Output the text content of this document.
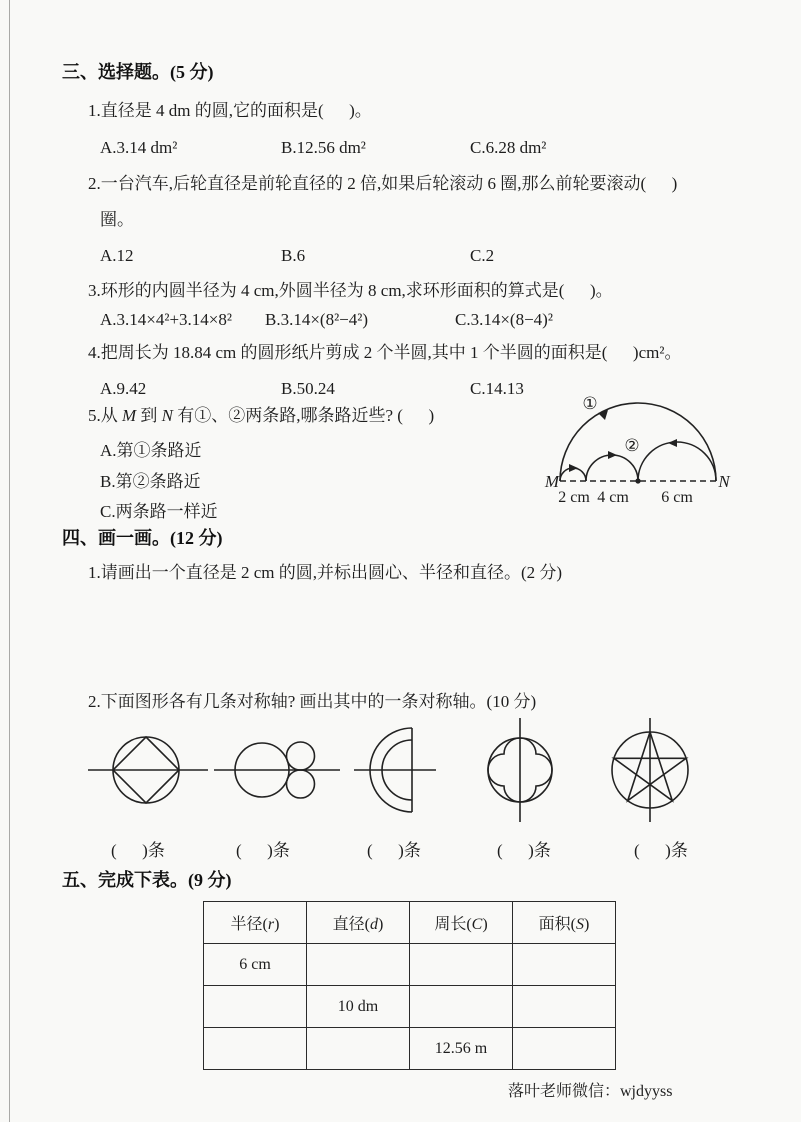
三、选择题。(5 分)
1.直径是 4 dm 的圆,它的面积是(      )。
A.3.14 dm²	B.12.56 dm²	C.6.28 dm²
2.一台汽车,后轮直径是前轮直径的 2 倍,如果后轮滚动 6 圈,那么前轮要滚动(      )
圈。
A.12	B.6	C.2
3.环形的内圆半径为 4 cm,外圆半径为 8 cm,求环形面积的算式是(      )。
A.3.14×4²+3.14×8² B.3.14×(8²−4²)	C.3.14×(8−4)²
4.把周长为 18.84 cm 的圆形纸片剪成 2 个半圆,其中 1 个半圆的面积是(      )cm²。
A.9.42	B.50.24	C.14.13
5.从 M 到 N 有①、②两条路,哪条路近些? (      )
A.第①条路近
B.第②条路近
C.两条路一样近
①
②
M	N
2 cm 4 cm 6 cm
四、画一画。(12 分)
1.请画出一个直径是 2 cm 的圆,并标出圆心、半径和直径。(2 分)
2.下面图形各有几条对称轴? 画出其中的一条对称轴。(10 分)
(      )条	(      )条	(      )条	(      )条	(      )条
五、完成下表。(9 分)
半径(r)	直径(d)	周长(C)	面积(S)
6 cm			
	10 dm		
		12.56 m	
落叶老师微信：wjdyyss
